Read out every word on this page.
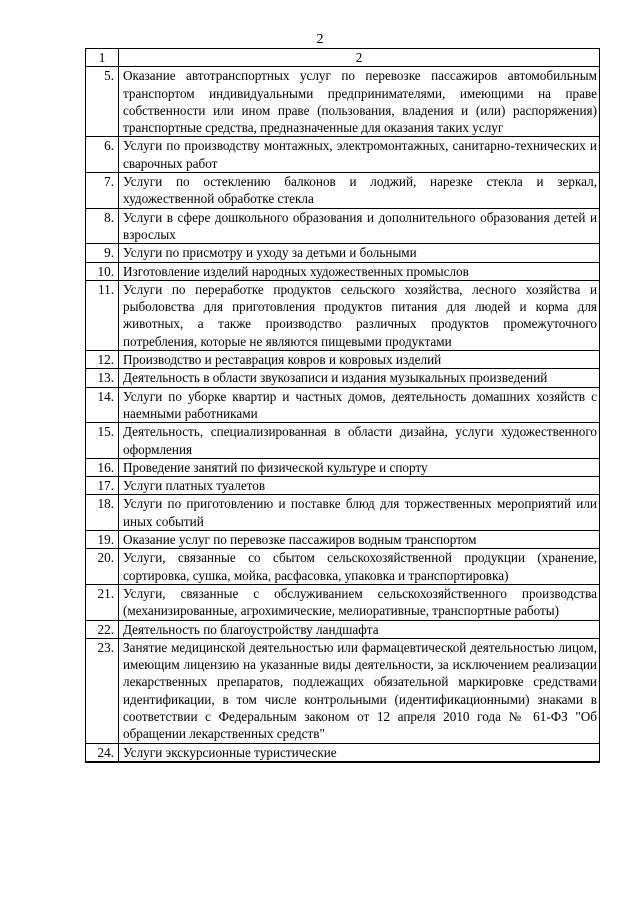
2
1	2
5.	Оказание автотранспортных услуг по перевозке пассажиров автомобильным транспортом индивидуальными предпринимателями, имеющими на праве собственности или ином праве (пользования, владения и (или) распоряжения) транспортные средства, предназначенные для оказания таких услуг
6.	Услуги по производству монтажных, электромонтажных, санитарно-технических и сварочных работ
7.	Услуги по остеклению балконов и лоджий, нарезке стекла и зеркал, художественной обработке стекла
8.	Услуги в сфере дошкольного образования и дополнительного образования детей и взрослых
9.	Услуги по присмотру и уходу за детьми и больными
10.	Изготовление изделий народных художественных промыслов
11.	Услуги по переработке продуктов сельского хозяйства, лесного хозяйства и рыболовства для приготовления продуктов питания для людей и корма для животных, а также производство различных продуктов промежуточного потребления, которые не являются пищевыми продуктами
12.	Производство и реставрация ковров и ковровых изделий
13.	Деятельность в области звукозаписи и издания музыкальных произведений
14.	Услуги по уборке квартир и частных домов, деятельность домашних хозяйств с наемными работниками
15.	Деятельность, специализированная в области дизайна, услуги художественного оформления
16.	Проведение занятий по физической культуре и спорту
17.	Услуги платных туалетов
18.	Услуги по приготовлению и поставке блюд для торжественных мероприятий или иных событий
19.	Оказание услуг по перевозке пассажиров водным транспортом
20.	Услуги, связанные со сбытом сельскохозяйственной продукции (хранение, сортировка, сушка, мойка, расфасовка, упаковка и транспортировка)
21.	Услуги, связанные с обслуживанием сельскохозяйственного производства (механизированные, агрохимические, мелиоративные, транспортные работы)
22.	Деятельность по благоустройству ландшафта
23.	Занятие медицинской деятельностью или фармацевтической деятельностью лицом, имеющим лицензию на указанные виды деятельности, за исключением реализации лекарственных препаратов, подлежащих обязательной маркировке средствами идентификации, в том числе контрольными (идентификационными) знаками в соответствии с Федеральным законом от 12 апреля 2010 года № 61-ФЗ "Об обращении лекарственных средств"
24.	Услуги экскурсионные туристические
